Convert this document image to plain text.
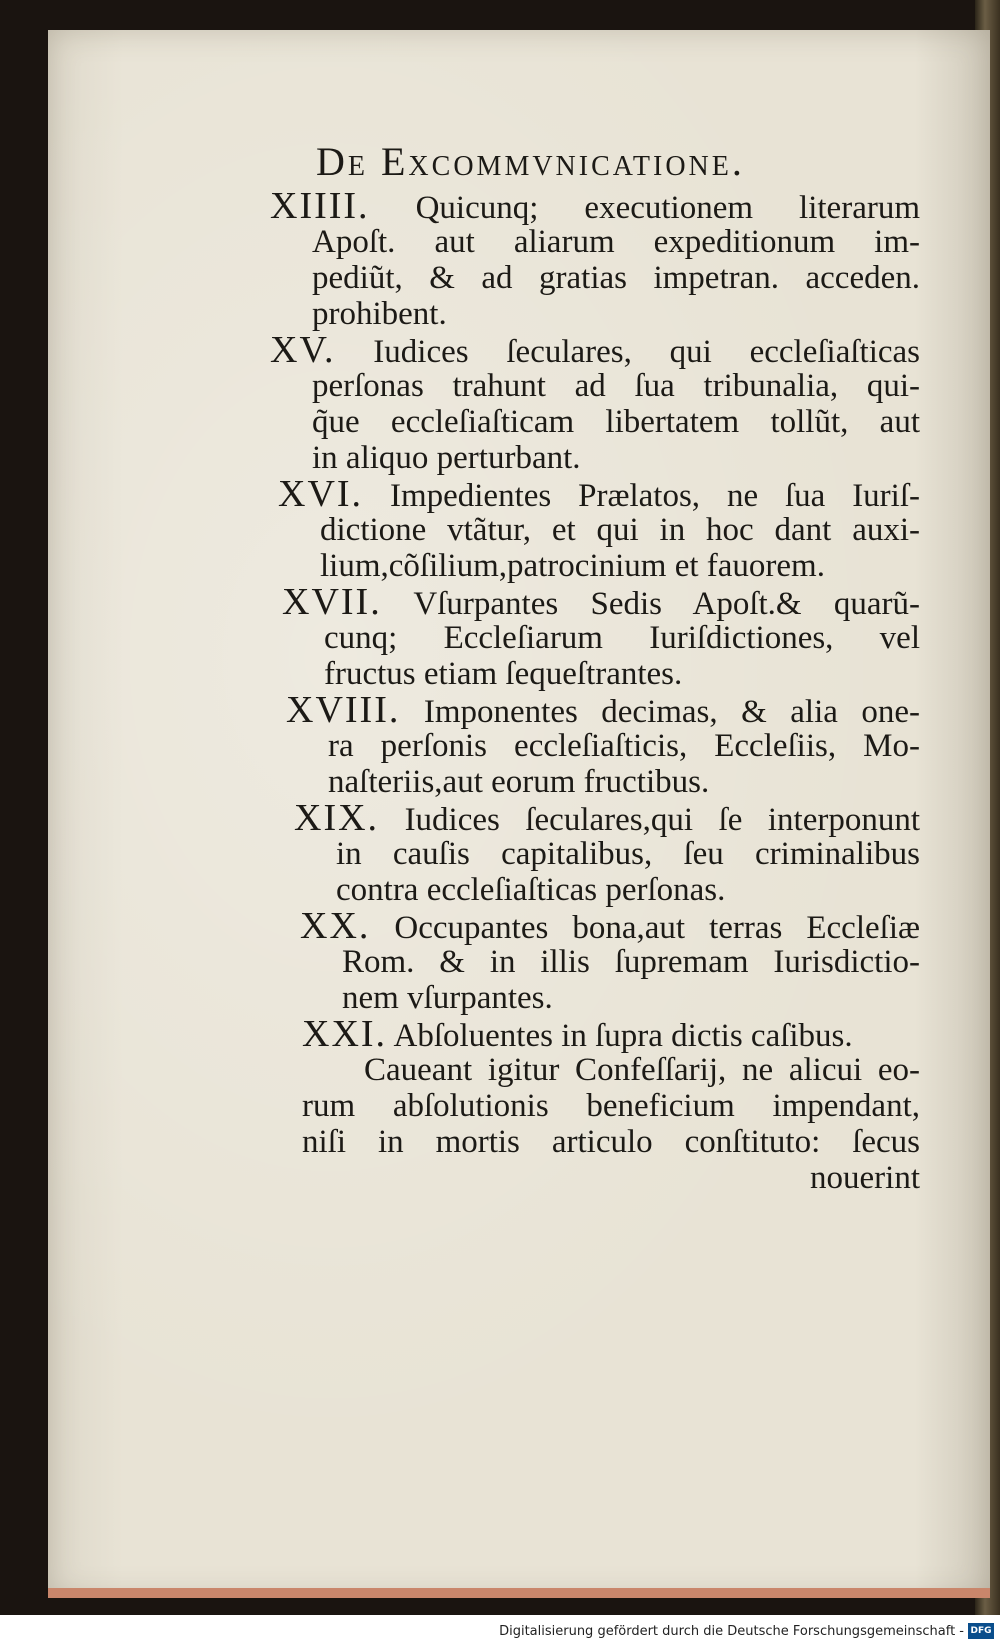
De Excommvnicatione.
XIIII. Quicunq; executionem literarum
Apoſt. aut aliarum expeditionum im-
pediũt, & ad gratias impetran. acceden.
prohibent.
XV. Iudices ſeculares, qui eccleſiaſticas
perſonas trahunt ad ſua tribunalia, qui-
q̃ue eccleſiaſticam libertatem tollũt, aut
in aliquo perturbant.
XVI. Impedientes Prælatos, ne ſua Iuriſ-
dictione vtãtur, et qui in hoc dant auxi-
lium,cõſilium,patrocinium et fauorem.
XVII. Vſurpantes Sedis Apoſt.& quarũ-
cunq; Eccleſiarum Iuriſdictiones, vel
fructus etiam ſequeſtrantes.
XVIII. Imponentes decimas, & alia one-
ra perſonis eccleſiaſticis, Eccleſiis, Mo-
naſteriis,aut eorum fructibus.
XIX. Iudices ſeculares,qui ſe interponunt
in cauſis capitalibus, ſeu criminalibus
contra eccleſiaſticas perſonas.
XX. Occupantes bona,aut terras Eccleſiæ
Rom. & in illis ſupremam Iurisdictio-
nem vſurpantes.
XXI. Abſoluentes in ſupra dictis caſibus.
Caueant igitur Confeſſarij, ne alicui eo-
rum abſolutionis beneficium impendant,
niſi in mortis articulo conſtituto: ſecus
nouerint
Digitalisierung gefördert durch die Deutsche Forschungsgemeinschaft - DFG
